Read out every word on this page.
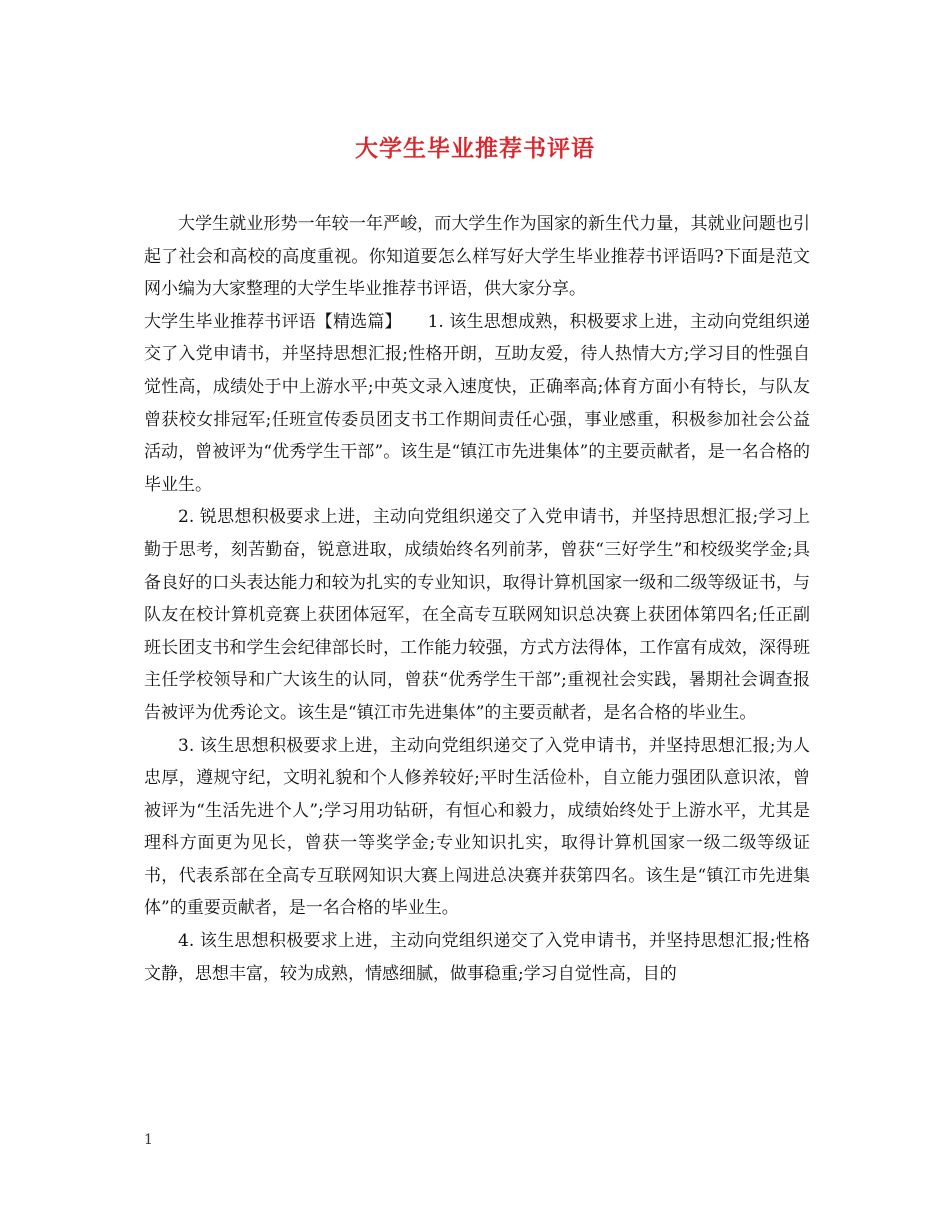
大学生毕业推荐书评语

大学生就业形势一年较一年严峻，而大学生作为国家的新生代力量，其就业问题也引起了社会和高校的高度重视。你知道要怎么样写好大学生毕业推荐书评语吗?下面是范文网小编为大家整理的大学生毕业推荐书评语，供大家分享。

大学生毕业推荐书评语【精选篇】　　1. 该生思想成熟，积极要求上进，主动向党组织递交了入党申请书，并坚持思想汇报;性格开朗，互助友爱，待人热情大方;学习目的性强自觉性高，成绩处于中上游水平;中英文录入速度快，正确率高;体育方面小有特长，与队友曾获校女排冠军;任班宣传委员团支书工作期间责任心强，事业感重，积极参加社会公益活动，曾被评为“优秀学生干部”。该生是“镇江市先进集体”的主要贡献者，是一名合格的毕业生。

2. 锐思想积极要求上进，主动向党组织递交了入党申请书，并坚持思想汇报;学习上勤于思考，刻苦勤奋，锐意进取，成绩始终名列前茅，曾获“三好学生”和校级奖学金;具备良好的口头表达能力和较为扎实的专业知识，取得计算机国家一级和二级等级证书，与队友在校计算机竞赛上获团体冠军，在全高专互联网知识总决赛上获团体第四名;任正副班长团支书和学生会纪律部长时，工作能力较强，方式方法得体，工作富有成效，深得班主任学校领导和广大该生的认同，曾获“优秀学生干部”;重视社会实践，暑期社会调查报告被评为优秀论文。该生是“镇江市先进集体”的主要贡献者，是名合格的毕业生。

3. 该生思想积极要求上进，主动向党组织递交了入党申请书，并坚持思想汇报;为人忠厚，遵规守纪，文明礼貌和个人修养较好;平时生活俭朴，自立能力强团队意识浓，曾被评为“生活先进个人”;学习用功钻研，有恒心和毅力，成绩始终处于上游水平，尤其是理科方面更为见长，曾获一等奖学金;专业知识扎实，取得计算机国家一级二级等级证书，代表系部在全高专互联网知识大赛上闯进总决赛并获第四名。该生是“镇江市先进集体”的重要贡献者，是一名合格的毕业生。

4. 该生思想积极要求上进，主动向党组织递交了入党申请书，并坚持思想汇报;性格文静，思想丰富，较为成熟，情感细腻，做事稳重;学习自觉性高，目的

1
